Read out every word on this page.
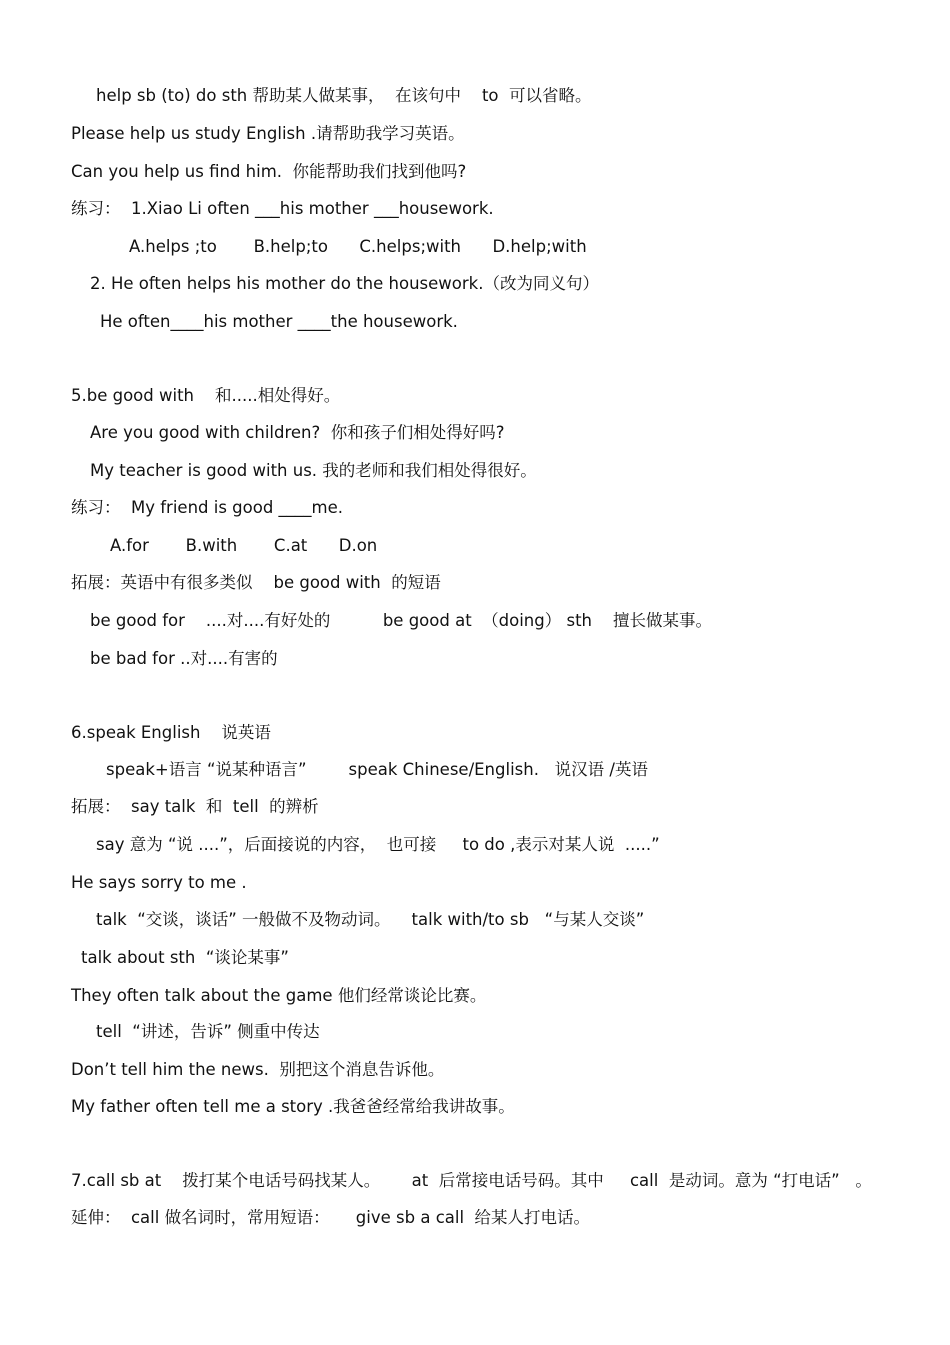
help sb (to) do sth 帮助某人做某事，  在该句中    to  可以省略。

Please help us study English .请帮助我学习英语。

Can you help us find him.  你能帮助我们找到他吗?

练习：  1.Xiao Li often ___his mother ___housework.

A.helps ;to       B.help;to      C.helps;with      D.help;with

2. He often helps his mother do the housework.（改为同义句）

He often____his mother ____the housework.

5.be good with    和.....相处得好。

Are you good with children?  你和孩子们相处得好吗?

My teacher is good with us. 我的老师和我们相处得很好。

练习：  My friend is good ____me.

A.for       B.with       C.at      D.on

拓展：英语中有很多类似    be good with  的短语

be good for    ....对....有好处的          be good at  （doing） sth    擅长做某事。

be bad for ..对....有害的

6.speak English    说英语

speak+语言 “说某种语言”        speak Chinese/English.   说汉语 /英语

拓展：  say talk  和  tell  的辨析

say 意为 “说 ....”，后面接说的内容，  也可接     to do ,表示对某人说  .....”

He says sorry to me .

talk  “交谈，谈话” 一般做不及物动词。    talk with/to sb   “与某人交谈”

talk about sth  “谈论某事”

They often talk about the game 他们经常谈论比赛。

tell  “讲述，告诉” 侧重中传达

Don’t tell him the news.  别把这个消息告诉他。

My father often tell me a story .我爸爸经常给我讲故事。

7.call sb at    拨打某个电话号码找某人。      at  后常接电话号码。其中     call  是动词。意为 “打电话”   。

延伸：  call 做名词时，常用短语：     give sb a call  给某人打电话。
